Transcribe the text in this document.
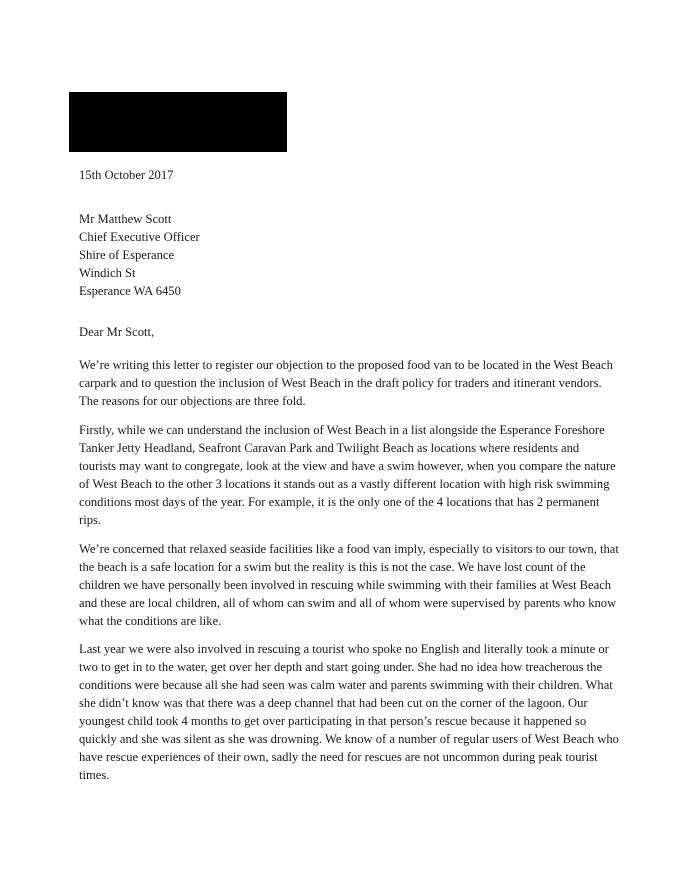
15th October 2017

Mr Matthew Scott
Chief Executive Officer
Shire of Esperance
Windich St
Esperance WA 6450

Dear Mr Scott,

We’re writing this letter to register our objection to the proposed food van to be located in the West Beach carpark and to question the inclusion of West Beach in the draft policy for traders and itinerant vendors. The reasons for our objections are three fold.

Firstly, while we can understand the inclusion of West Beach in a list alongside the Esperance Foreshore Tanker Jetty Headland, Seafront Caravan Park and Twilight Beach as locations where residents and tourists may want to congregate, look at the view and have a swim however, when you compare the nature of West Beach to the other 3 locations it stands out as a vastly different location with high risk swimming conditions most days of the year. For example, it is the only one of the 4 locations that has 2 permanent rips.

We’re concerned that relaxed seaside facilities like a food van imply, especially to visitors to our town, that the beach is a safe location for a swim but the reality is this is not the case. We have lost count of the children we have personally been involved in rescuing while swimming with their families at West Beach and these are local children, all of whom can swim and all of whom were supervised by parents who know what the conditions are like.

Last year we were also involved in rescuing a tourist who spoke no English and literally took a minute or two to get in to the water, get over her depth and start going under. She had no idea how treacherous the conditions were because all she had seen was calm water and parents swimming with their children. What she didn’t know was that there was a deep channel that had been cut on the corner of the lagoon. Our youngest child took 4 months to get over participating in that person’s rescue because it happened so quickly and she was silent as she was drowning. We know of a number of regular users of West Beach who have rescue experiences of their own, sadly the need for rescues are not uncommon during peak tourist times.
